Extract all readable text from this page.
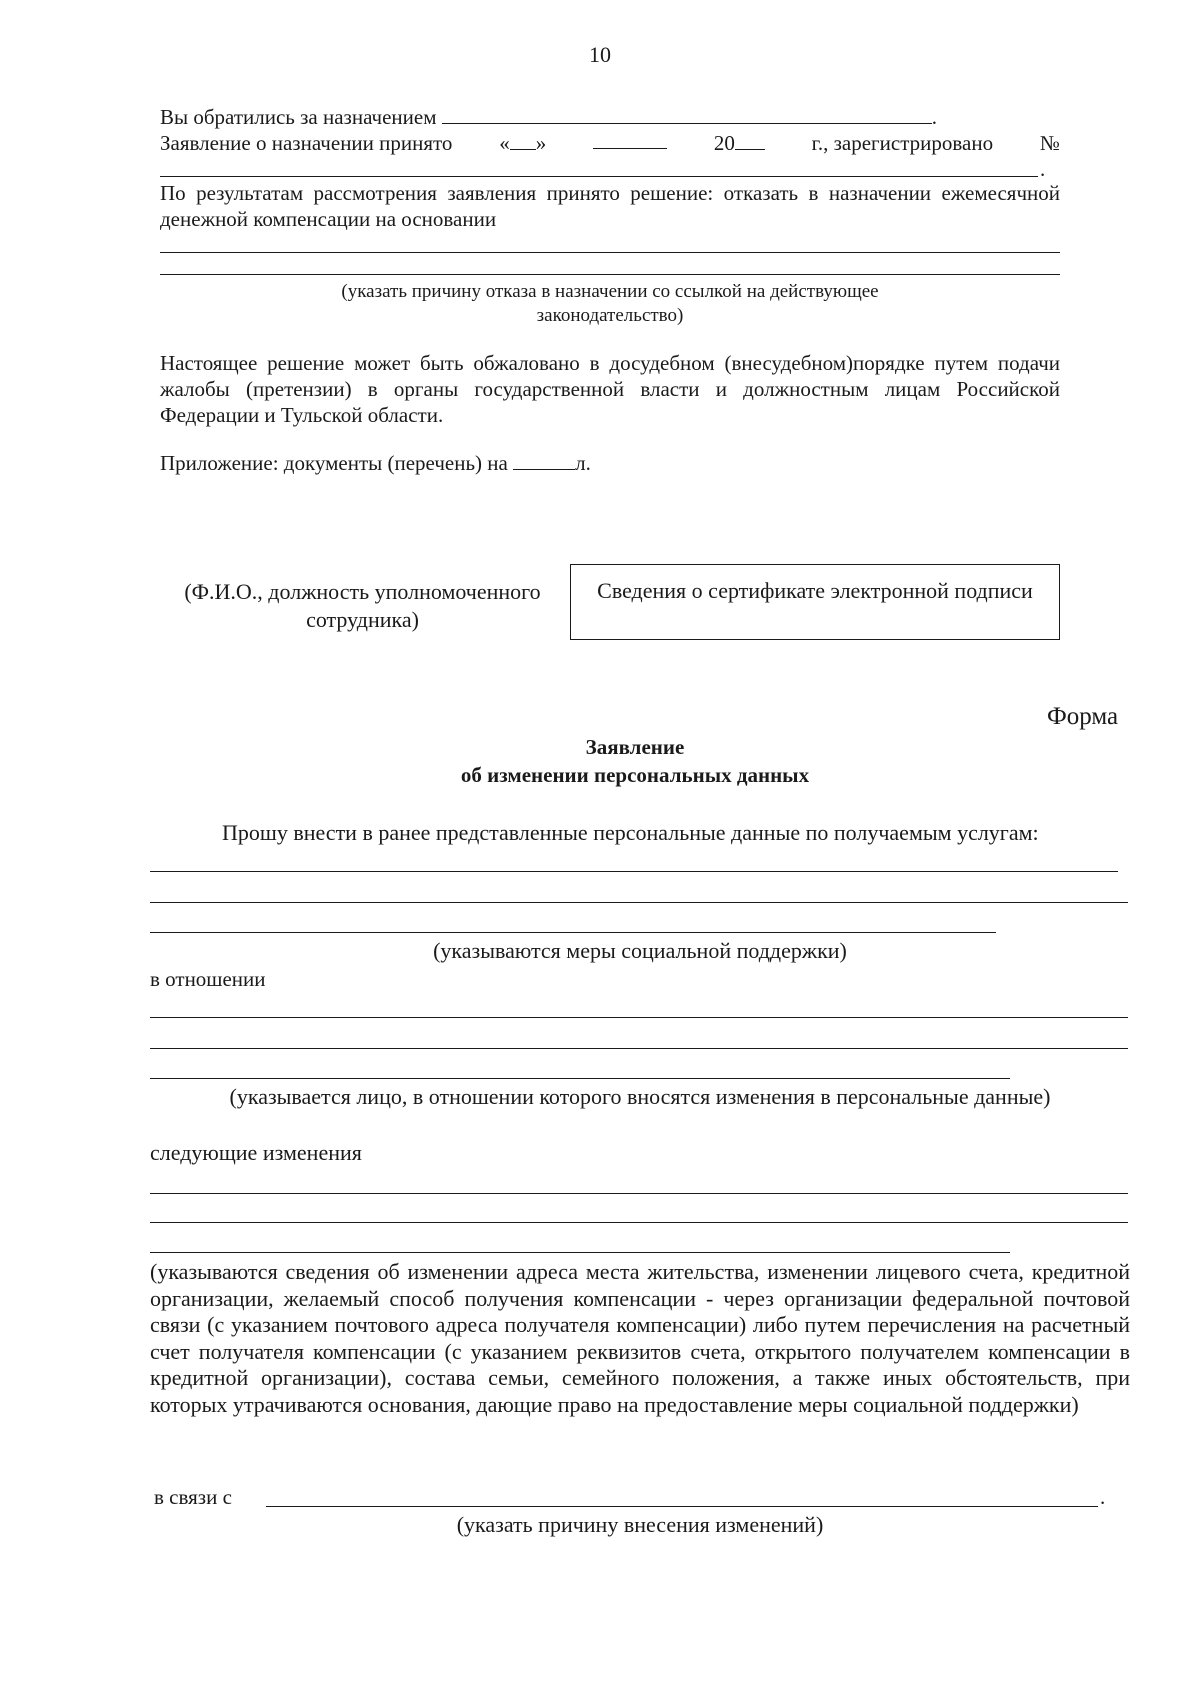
10
Вы обратились за назначением	.
Заявление о назначении принято « »	20	г., зарегистрировано №
.
По результатам рассмотрения заявления принято решение: отказать в назначении ежемесячной денежной компенсации на основании
(указать причину отказа в назначении со ссылкой на действующее законодательство)
Настоящее решение может быть обжаловано в досудебном (внесудебном)порядке путем подачи жалобы (претензии) в органы государственной власти и должностным лицам Российской Федерации и Тульской области.
Приложение: документы (перечень) на	л.
(Ф.И.О., должность уполномоченного сотрудника)
Сведения о сертификате электронной подписи
Форма
Заявление
об изменении персональных данных
Прошу внести в ранее представленные персональные данные по получаемым услугам:
(указываются меры социальной поддержки)
в отношении
(указывается лицо, в отношении которого вносятся изменения в персональные данные)
следующие изменения
(указываются сведения об изменении адреса места жительства, изменении лицевого счета, кредитной организации, желаемый способ получения компенсации - через организации федеральной почтовой связи (с указанием почтового адреса получателя компенсации) либо путем перечисления на расчетный счет получателя компенсации (с указанием реквизитов счета, открытого получателем компенсации в кредитной организации), состава семьи, семейного положения, а также иных обстоятельств, при которых утрачиваются основания, дающие право на предоставление меры социальной поддержки)
в связи с	.
(указать причину внесения изменений)
